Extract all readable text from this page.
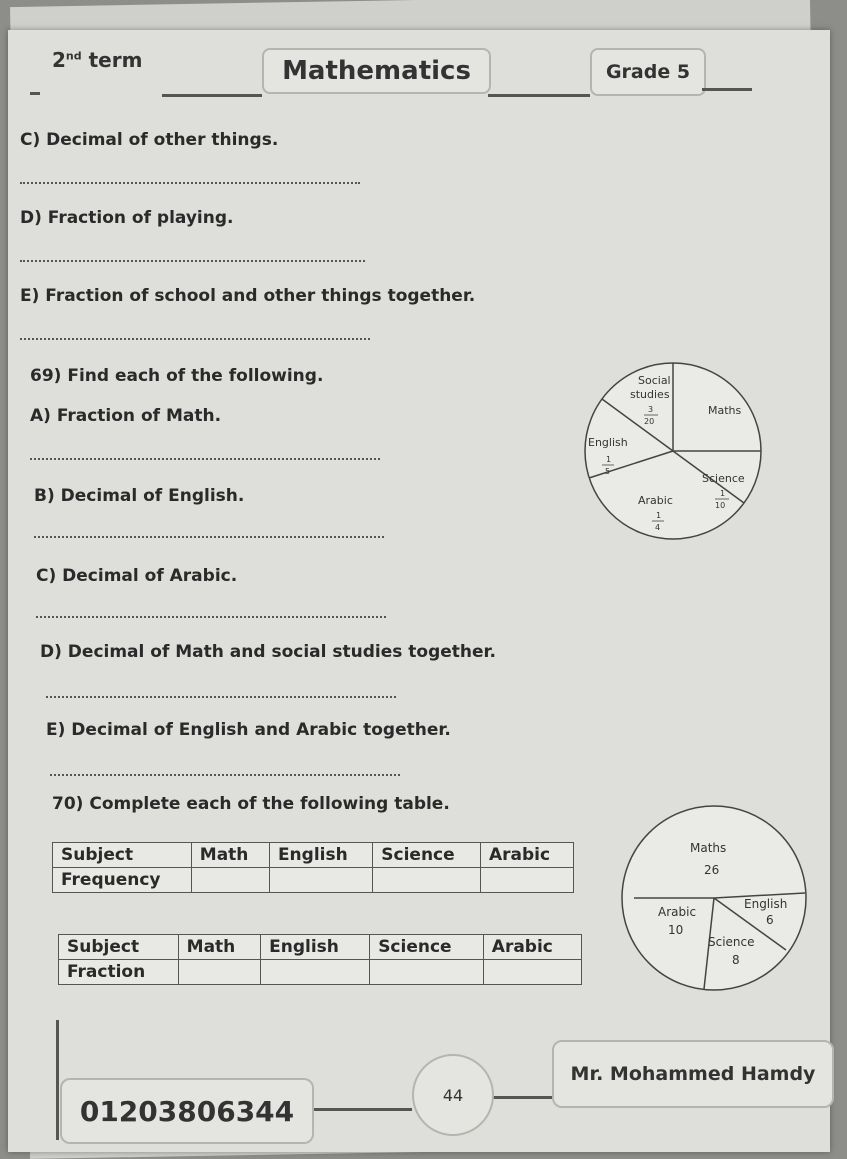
2nd term	Mathematics	Grade 5
C) Decimal of other things.
D) Fraction of playing.
E) Fraction of school and other things together.
69) Find each of the following.
A) Fraction of Math.
B) Decimal of English.
C) Decimal of Arabic.
D) Decimal of Math and social studies together.
E) Decimal of English and Arabic together.
Social
studies
3
20
Maths
English
1
5
Science
1
10
Arabic
1
4
70) Complete each of the following table.
Subject	Math	English	Science	Arabic
Frequency				
Subject	Math	English	Science	Arabic
Fraction				
Maths
26
English
6
Science
8
Arabic
10
01203806344	44
Mr. Mohammed Hamdy
